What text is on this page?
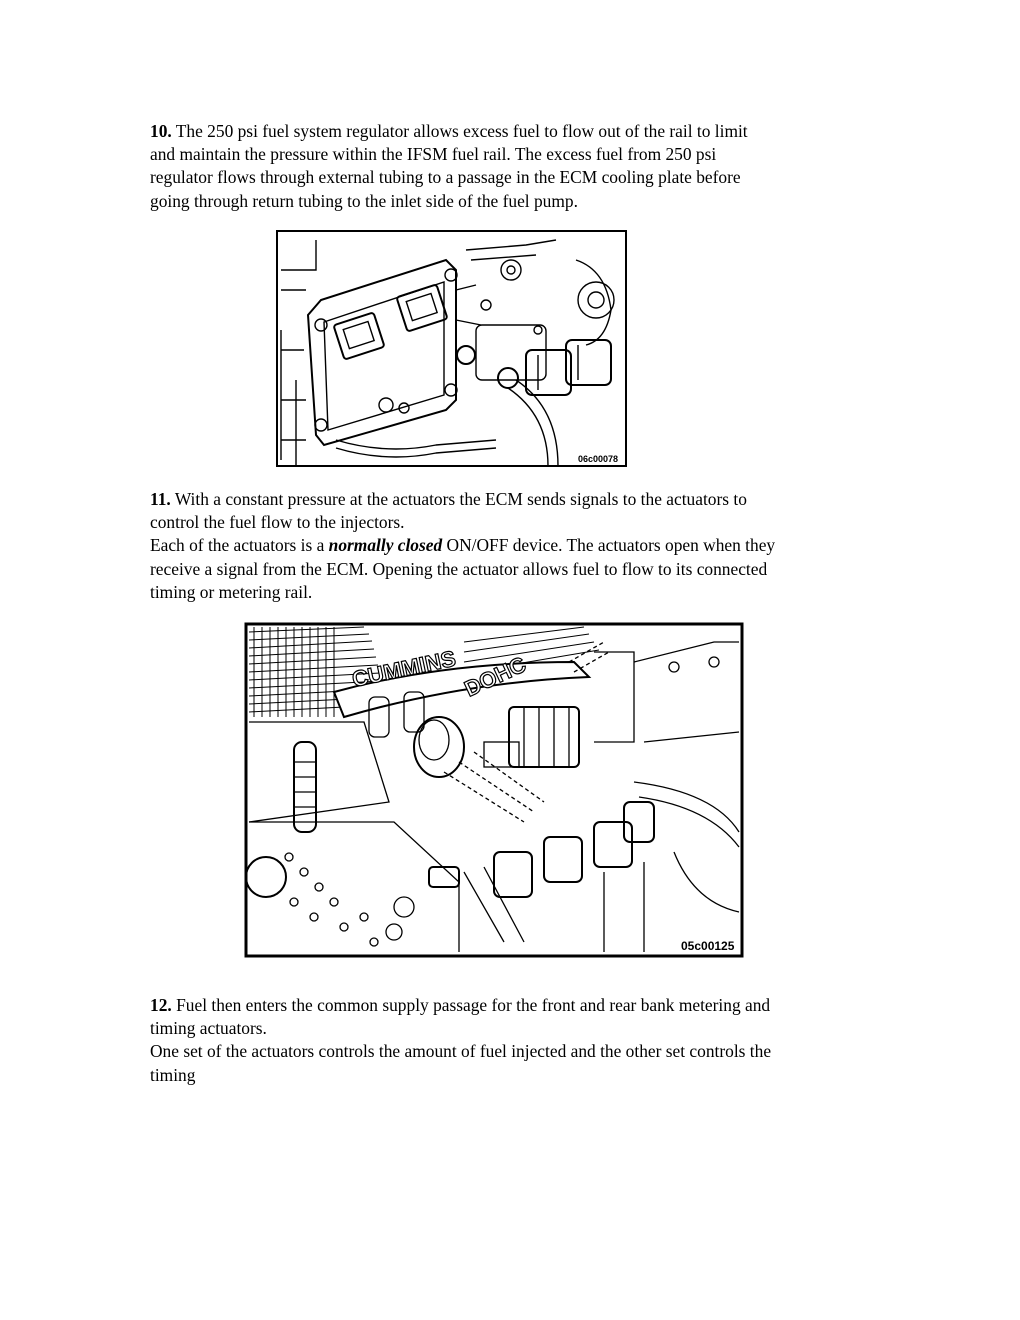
10. The 250 psi fuel system regulator allows excess fuel to flow out of the rail to limit
and maintain the pressure within the IFSM fuel rail. The excess fuel from 250 psi
regulator flows through external tubing to a passage in the ECM cooling plate before
going through return tubing to the inlet side of the fuel pump.
06c00078
11. With a constant pressure at the actuators the ECM sends signals to the actuators to
control the fuel flow to the injectors.
Each of the actuators is a normally closed ON/OFF device. The actuators open when they
receive a signal from the ECM. Opening the actuator allows fuel to flow to its connected
timing or metering rail.
CUMMINS DOHC
05c00125
12. Fuel then enters the common supply passage for the front and rear bank metering and
timing actuators.
One set of the actuators controls the amount of fuel injected and the other set controls the
timing
